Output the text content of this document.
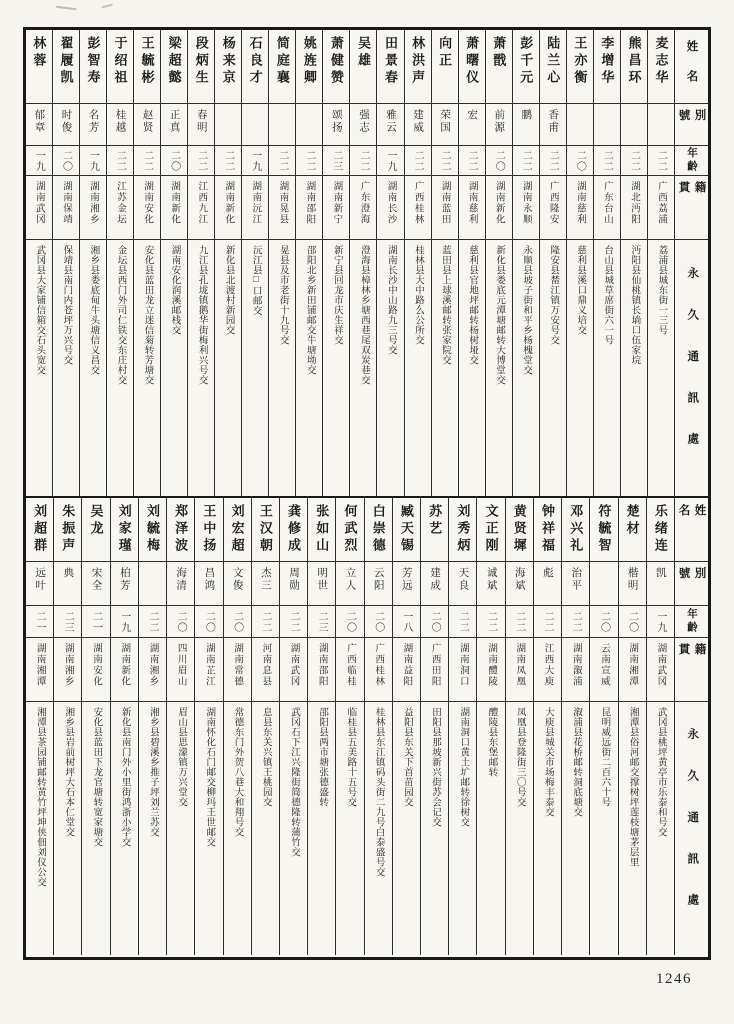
姓名
別號
年齡
籍貫
永久通訊處
麦志华
二二
广西荔浦
荔浦县城东街一三号
熊昌环
二二
湖北沔阳
沔阳县仙桃镇长埫口伍家垸
李增华
二二
广东台山
台山县城草席街六一号
王亦衡
二〇
湖南慈利
慈利县溪口鼎义培交
陆兰心
香甫
二二
广西隆安
隆安县榃江镇万安号交
彭千元
鹏
二二
湖南永顺
永顺县坡子街和平乡杨槐堂交
萧戬
前源
二〇
湖南新化
新化县娄底元潭塘邮转大博堂交
萧曙仪
宏
二二
湖南慈利
慈利县官地坪邮转杨树垭交
向正
荣国
二二
湖南蓝田
蓝田县上球溪邮转张家院交
林洪声
建威
二二
广西桂林
桂林县大中路么公所交
田景春
雅云
一九
湖南长沙
湖南长沙中山路九三号交
吴雄
强志
二二
广东澄海
澄海县樟林乡塘西巷尾双炭巷交
萧健赞
颂扬
二三
湖南新宁
新宁县回龙市庆生祥交
姚旌卿
二二
湖南邵阳
邵阳北乡新田铺邮交牛塘坳交
简庭襄
二二
湖南晃县
晃县及市老街十九号交
石良才
一九
湖南沅江
沅江县□口邮交
杨来京
二二
湖南新化
新化县北渡村新园交
段炳生
春明
二二
江西九江
九江县孔垅镇鹅华街梅利兴号交
梁超懿
正真
二〇
湖南新化
湖南安化润溪邮栈交
王毓彬
赵贤
二二
湖南安化
安化县蓝田龙立迷信菊转芳塘交
于绍祖
桂越
二二
江苏金坛
金坛县西门外司仁铁交东庄村交
彭智寿
名芳
一九
湖南湘乡
湘乡县娄底甸牛头塘信义昌交
翟履凯
时俊
二〇
湖南保靖
保靖县南门内苍坪万兴号交
林蓉
郁章
一九
湖南武冈
武冈县大家铺信箱交石头宽交
姓名
別號
年齡
籍貫
永久通訊處
乐绪连
凯
一九
湖南武冈
武冈县桃坪黄亭市乐泰和号交
楚材
楷明
二〇
湖南湘潭
湘潭县俗河邮交撑树坪莲枝塘茅层里
符毓智
二〇
云南宣威
昆明威远街二百六十号
邓兴礼
治平
二二
湖南溆浦
溆浦县花桥邮转洞底塘交
钟祥福
彪
二二
江西大庾
大庾县城关市场梅丰泰交
黄贤墀
海斌
二二
湖南凤凰
凤凰县登隆街三〇号交
文正刚
诚斌
二二
湖南醴陵
醴陵县东堡邮转
刘秀炳
天良
二二
湖南洞口
湖南洞口黄土圹邮转徐树交
苏艺
建成
二〇
广西田阳
田阳县那坡新兴街苏会记交
臧天锡
芳远
一八
湖南益阳
益阳县东关下首苗园交
白崇德
云阳
二〇
广西桂林
桂林县东江镇码头街二九号白泰盛号交
何武烈
立人
二〇
广西临桂
临桂县五美路十五号交
张如山
明世
二三
湖南邵阳
邵阳县两市塘张德盛转
龚修成
周勋
二二
湖南武冈
武冈石下江兴隆街简德隆转蒲竹交
王汉朝
杰三
二二
河南息县
息县东关兴镇王桃园交
刘宏超
文俊
二〇
湖南常德
常德东门外贺八巷大和翔号交
王中扬
昌鸿
二〇
湖南芷江
湖南怀化石门邮交柳玛王世邮交
郑泽波
海清
二〇
四川眉山
眉山县思濛镇万兴堂交
刘毓梅
二二
湖南湘乡
湘乡县碧溪乡推子坪刘兰苏交
刘家瑾
柏芳
一九
湖南新化
新化县南门外小里街鸿浙小学交
吴龙
宋全
二一
湖南安化
安化县蓝田下龙官塘转宽家塘交
朱振声
典
二三
湖南湘乡
湘乡县岩前树坪大石本仁堂交
刘超群
远叶
二一
湖南湘潭
湘潭县茶园铺邮转黄竹坪坤侠佃刘仪公交
1246
